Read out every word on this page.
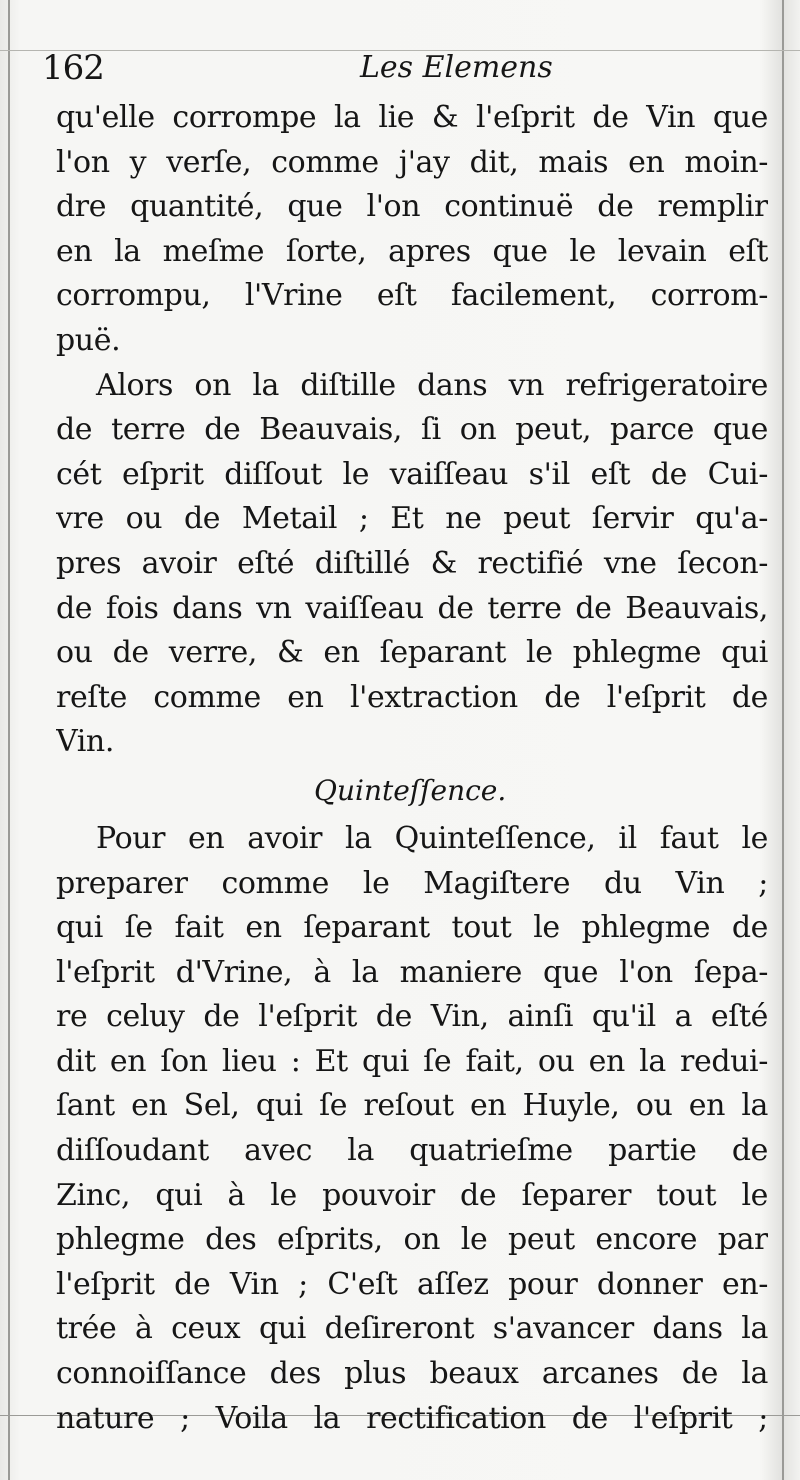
162	Les Elemens
qu'elle corrompe la lie & l'eſprit de Vin que
l'on y verſe, comme j'ay dit, mais en moin-
dre quantité, que l'on continuë de remplir
en la meſme ſorte, apres que le levain eſt
corrompu, l'Vrine eſt facilement, corrom-
puë.
Alors on la diſtille dans vn refrigeratoire
de terre de Beauvais, ſi on peut, parce que
cét eſprit diſſout le vaiſſeau s'il eſt de Cui-
vre ou de Metail ; Et ne peut ſervir qu'a-
pres avoir eſté diſtillé & rectifié vne ſecon-
de fois dans vn vaiſſeau de terre de Beauvais,
ou de verre, & en ſeparant le phlegme qui
reſte comme en l'extraction de l'eſprit de
Vin.
Quinteſſence.
Pour en avoir la Quinteſſence, il faut le
preparer comme le Magiſtere du Vin ;
qui ſe fait en ſeparant tout le phlegme de
l'eſprit d'Vrine, à la maniere que l'on ſepa-
re celuy de l'eſprit de Vin, ainſi qu'il a eſté
dit en ſon lieu : Et qui ſe fait, ou en la redui-
ſant en Sel, qui ſe reſout en Huyle, ou en la
diſſoudant avec la quatrieſme partie de
Zinc, qui à le pouvoir de ſeparer tout le
phlegme des eſprits, on le peut encore par
l'eſprit de Vin ; C'eſt aſſez pour donner en-
trée à ceux qui deſireront s'avancer dans la
connoiſſance des plus beaux arcanes de la
nature ; Voila la rectification de l'eſprit ;
